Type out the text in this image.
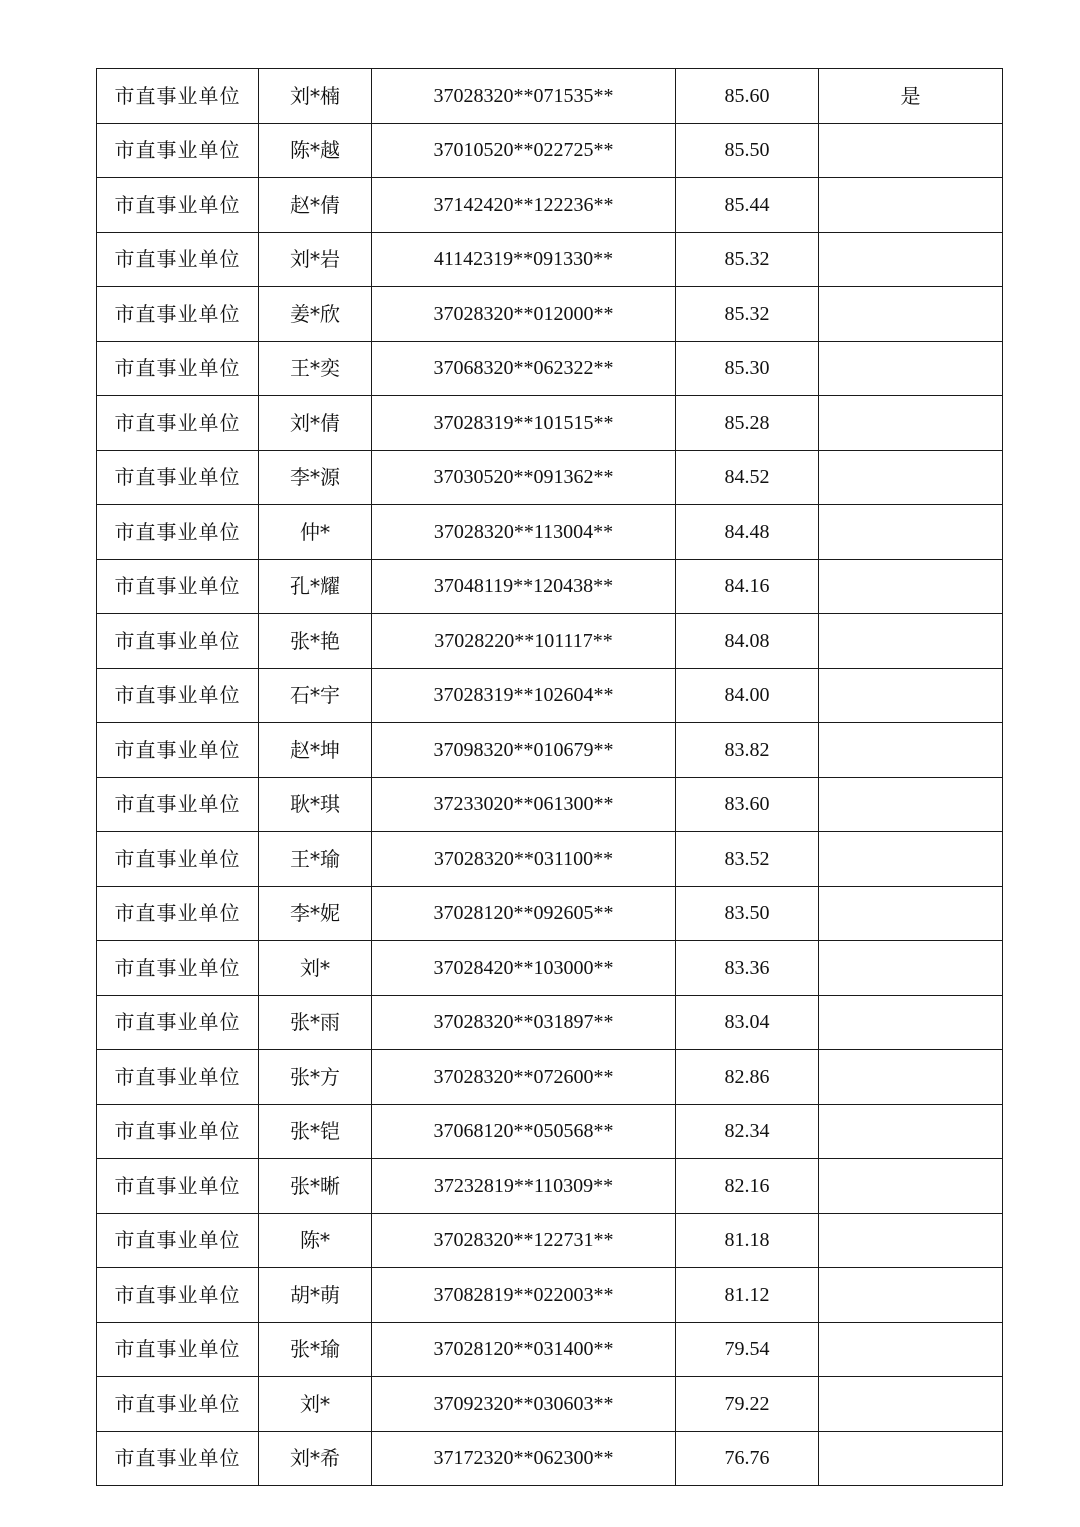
市直事业单位	刘*楠	37028320**071535**	85.60	是
市直事业单位	陈*越	37010520**022725**	85.50	
市直事业单位	赵*倩	37142420**122236**	85.44	
市直事业单位	刘*岩	41142319**091330**	85.32	
市直事业单位	姜*欣	37028320**012000**	85.32	
市直事业单位	王*奕	37068320**062322**	85.30	
市直事业单位	刘*倩	37028319**101515**	85.28	
市直事业单位	李*源	37030520**091362**	84.52	
市直事业单位	仲*	37028320**113004**	84.48	
市直事业单位	孔*耀	37048119**120438**	84.16	
市直事业单位	张*艳	37028220**101117**	84.08	
市直事业单位	石*宇	37028319**102604**	84.00	
市直事业单位	赵*坤	37098320**010679**	83.82	
市直事业单位	耿*琪	37233020**061300**	83.60	
市直事业单位	王*瑜	37028320**031100**	83.52	
市直事业单位	李*妮	37028120**092605**	83.50	
市直事业单位	刘*	37028420**103000**	83.36	
市直事业单位	张*雨	37028320**031897**	83.04	
市直事业单位	张*方	37028320**072600**	82.86	
市直事业单位	张*铠	37068120**050568**	82.34	
市直事业单位	张*晰	37232819**110309**	82.16	
市直事业单位	陈*	37028320**122731**	81.18	
市直事业单位	胡*萌	37082819**022003**	81.12	
市直事业单位	张*瑜	37028120**031400**	79.54	
市直事业单位	刘*	37092320**030603**	79.22	
市直事业单位	刘*希	37172320**062300**	76.76	
